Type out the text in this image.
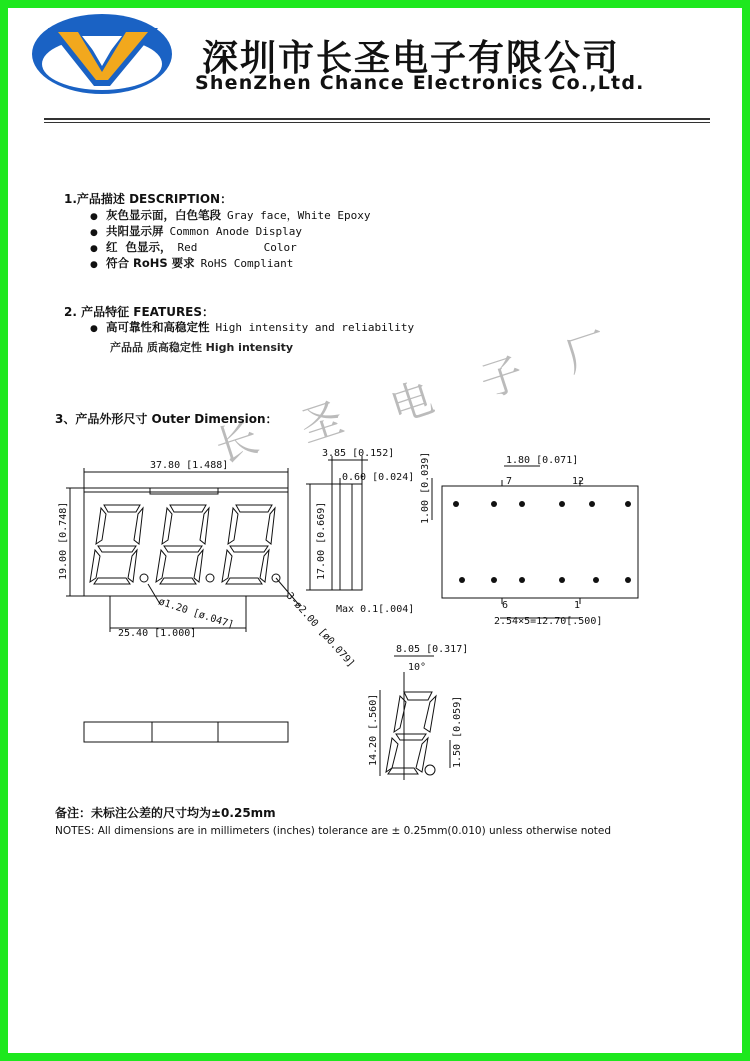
深圳市长圣电子有限公司
ShenZhen Chance Electronics Co.,Ltd.
1.产品描述 DESCRIPTION：
● 灰色显示面，白色笔段 Gray face，White Epoxy
● 共阳显示屏 Common Anode Display
● 红  色显示， Red          Color
● 符合 RoHS 要求 RoHS Compliant
2. 产品特征 FEATURES：
● 高可靠性和高稳定性 High intensity and reliability
产品品 质高稳定性 High intensity
长 圣 电 子 厂
3、产品外形尺寸 Outer Dimension：
37.80 [1.488]
19.00 [0.748]
25.40 [1.000]
ø1.20 [ø.047]	3-ø2.00 [ø0.079]
3.85 [0.152]
0.60 [0.024]
17.00 [0.669]
Max 0.1[.004]
1.80 [0.071]
1.00 [0.039]	7	12
6	1
2.54×5=12.70[.500]
8.05 [0.317]
10°
14.20 [.560]	1.50 [0.059]
备注：未标注公差的尺寸均为±0.25mm
NOTES: All dimensions are in millimeters (inches) tolerance are ± 0.25mm(0.010) unless otherwise noted
